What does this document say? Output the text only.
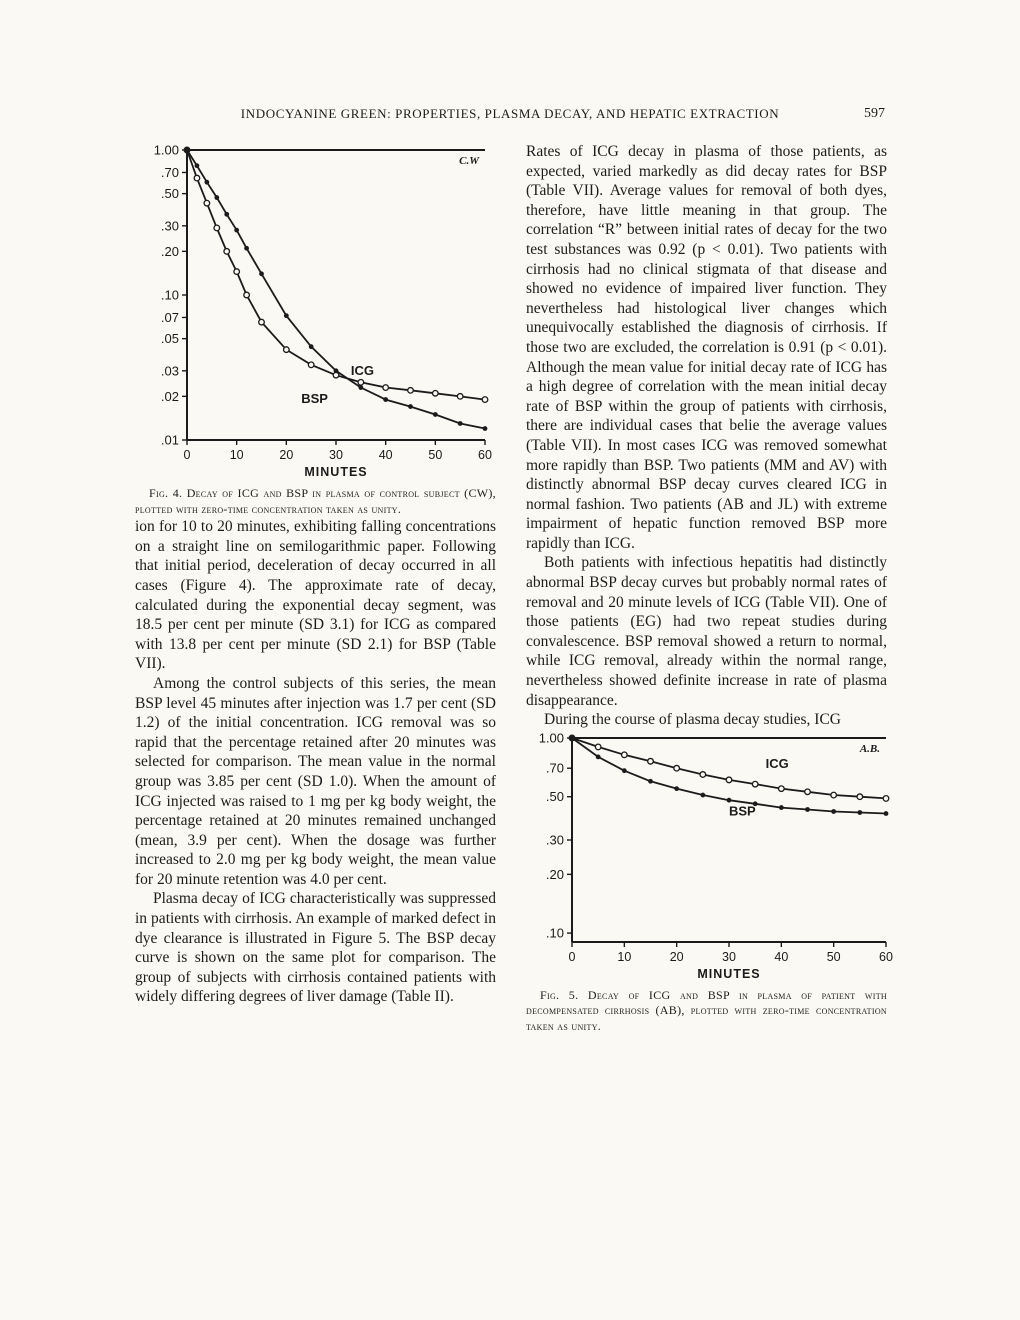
INDOCYANINE GREEN: PROPERTIES, PLASMA DECAY, AND HEPATIC EXTRACTION	597
1.00
.70
.50
.30
.20
.10
.07
.05
.03
.02
.01
0	10	20	30	40	50	60
MINUTES
ICG
BSP
C.W
Fig. 4. Decay of ICG and BSP in plasma of control subject (CW), plotted with zero-time concentration taken as unity.

ion for 10 to 20 minutes, exhibiting falling concentrations on a straight line on semilogarithmic paper. Following that initial period, deceleration of decay occurred in all cases (Figure 4). The approximate rate of decay, calculated during the exponential decay segment, was 18.5 per cent per minute (SD 3.1) for ICG as compared with 13.8 per cent per minute (SD 2.1) for BSP (Table VII).

Among the control subjects of this series, the mean BSP level 45 minutes after injection was 1.7 per cent (SD 1.2) of the initial concentration. ICG removal was so rapid that the percentage retained after 20 minutes was selected for comparison. The mean value in the normal group was 3.85 per cent (SD 1.0). When the amount of ICG injected was raised to 1 mg per kg body weight, the percentage retained at 20 minutes remained unchanged (mean, 3.9 per cent). When the dosage was further increased to 2.0 mg per kg body weight, the mean value for 20 minute retention was 4.0 per cent.

Plasma decay of ICG characteristically was suppressed in patients with cirrhosis. An example of marked defect in dye clearance is illustrated in Figure 5. The BSP decay curve is shown on the same plot for comparison. The group of subjects with cirrhosis contained patients with widely differing degrees of liver damage (Table II).

Rates of ICG decay in plasma of those patients, as expected, varied markedly as did decay rates for BSP (Table VII). Average values for removal of both dyes, therefore, have little meaning in that group. The correlation “R” between initial rates of decay for the two test substances was 0.92 (p < 0.01). Two patients with cirrhosis had no clinical stigmata of that disease and showed no evidence of impaired liver function. They nevertheless had histological liver changes which unequivocally established the diagnosis of cirrhosis. If those two are excluded, the correlation is 0.91 (p < 0.01). Although the mean value for initial decay rate of ICG has a high degree of correlation with the mean initial decay rate of BSP within the group of patients with cirrhosis, there are individual cases that belie the average values (Table VII). In most cases ICG was removed somewhat more rapidly than BSP. Two patients (MM and AV) with distinctly abnormal BSP decay curves cleared ICG in normal fashion. Two patients (AB and JL) with extreme impairment of hepatic function removed BSP more rapidly than ICG.

Both patients with infectious hepatitis had distinctly abnormal BSP decay curves but probably normal rates of removal and 20 minute levels of ICG (Table VII). One of those patients (EG) had two repeat studies during convalescence. BSP removal showed a return to normal, while ICG removal, already within the normal range, nevertheless showed definite increase in rate of plasma disappearance.

During the course of plasma decay studies, ICG

1.00
.70
.50
.30
.20
.10
0	10	20	30	40	50	60
MINUTES
ICG
BSP
A.B.
Fig. 5. Decay of ICG and BSP in plasma of patient with decompensated cirrhosis (AB), plotted with zero-time concentration taken as unity.
